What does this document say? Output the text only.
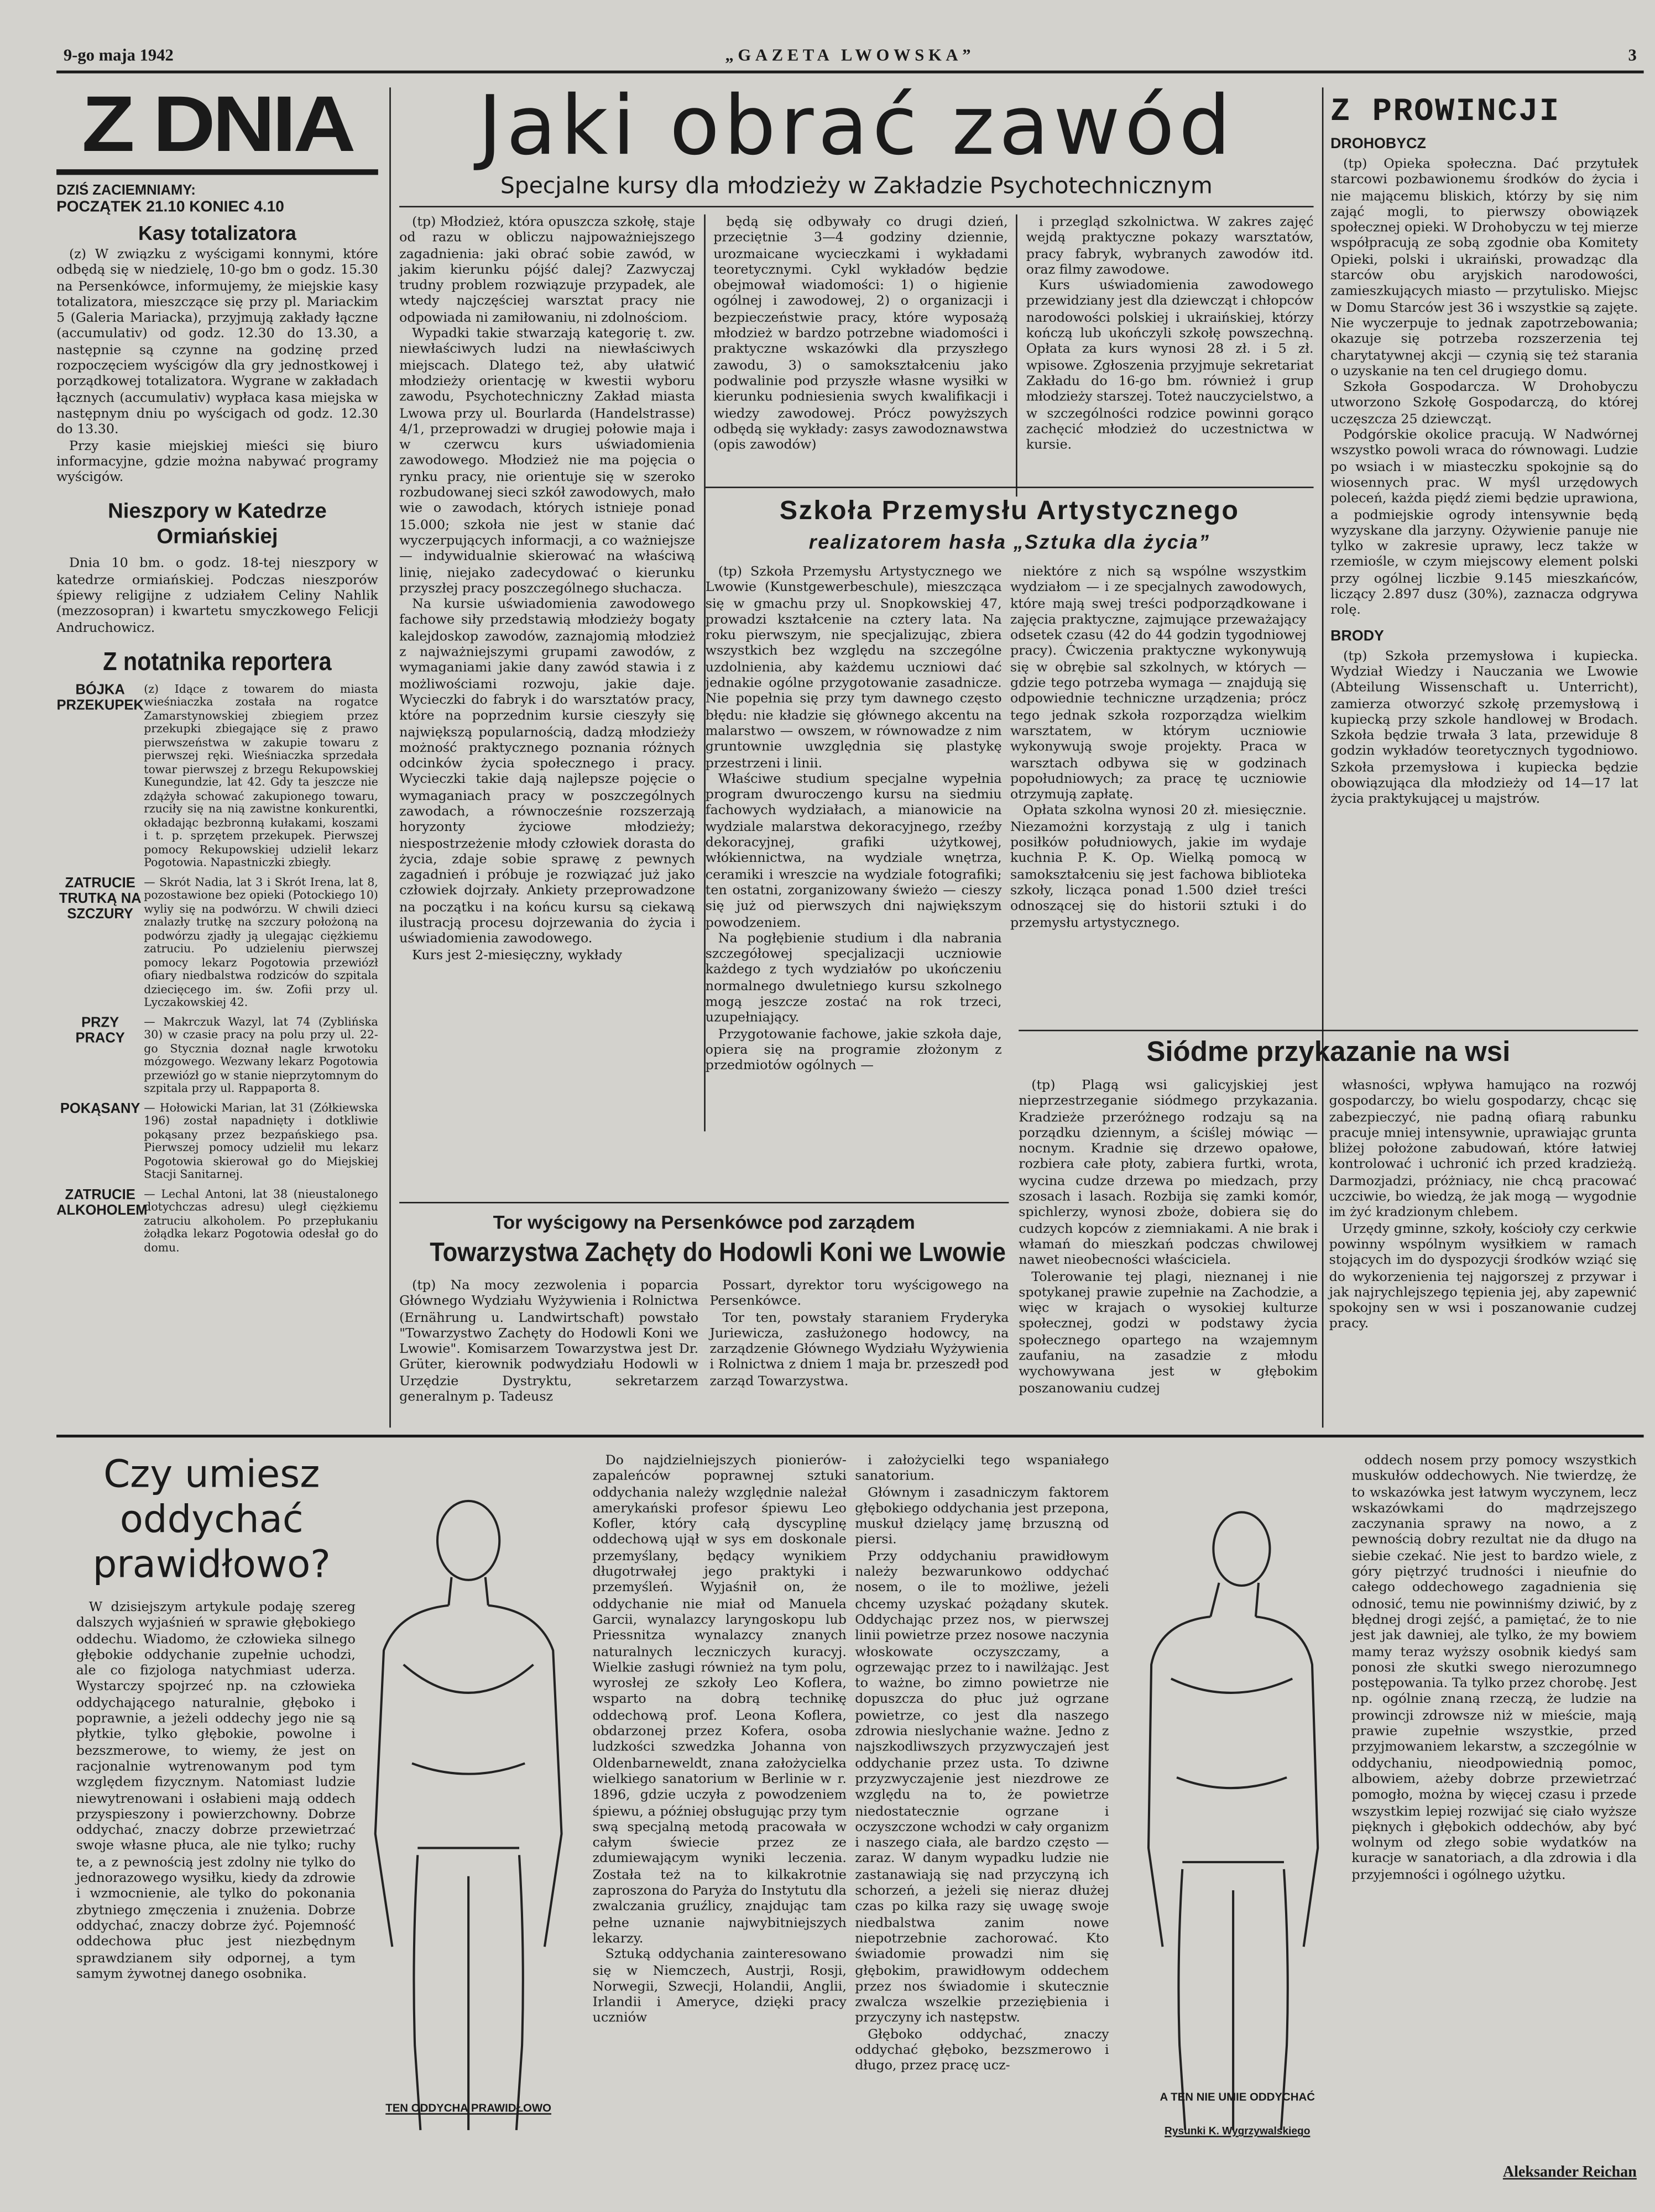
9-go maja 1942	„GAZETA LWOWSKA”	3
Z DNIA
DZIŚ ZACIEMNIAMY:
POCZĄTEK 21.10 KONIEC 4.10
Kasy totalizatora

(z) W związku z wyścigami konnymi, które odbędą się w niedzielę, 10-go bm o godz. 15.30 na Persenkówce, informujemy, że miejskie kasy totalizatora, mieszczące się przy pl. Mariackim 5 (Galeria Mariacka), przyjmują zakłady łączne (accumulativ) od godz. 12.30 do 13.30, a następnie są czynne na godzinę przed rozpoczęciem wyścigów dla gry jednostkowej i porządkowej totalizatora. Wygrane w zakładach łącznych (accumulativ) wypłaca kasa miejska w następnym dniu po wyścigach od godz. 12.30 do 13.30.

Przy kasie miejskiej mieści się biuro informacyjne, gdzie można nabywać programy wyścigów.

Nieszpory w Katedrze Ormiańskiej

Dnia 10 bm. o godz. 18-tej nieszpory w katedrze ormiańskiej. Podczas nieszporów śpiewy religijne z udziałem Celiny Nahlik (mezzosopran) i kwartetu smyczkowego Felicji Andruchowicz.

Z notatnika reportera
BÓJKA PRZEKUPEK
(z) Idące z towarem do miasta wieśniaczka została na rogatce Zamarstynowskiej zbiegiem przez przekupki zbiegające się z prawo pierwszeństwa w zakupie towaru z pierwszej ręki. Wieśniaczka sprzedała towar pierwszej z brzegu Rekupowskiej Kunegundzie, lat 42. Gdy ta jeszcze nie zdążyła schować zakupionego towaru, rzuciły się na nią zawistne konkurentki, okładając bezbronną kułakami, koszami i t. p. sprzętem przekupek. Pierwszej pomocy Rekupowskiej udzielił lekarz Pogotowia. Napastniczki zbiegły.
ZATRUCIE TRUTKĄ NA SZCZURY
— Skrót Nadia, lat 3 i Skrót Irena, lat 8, pozostawione bez opieki (Potockiego 10) wyliy się na podwórzu. W chwili dzieci znalazły trutkę na szczury położoną na podwórzu zjadły ją ulegając ciężkiemu zatruciu. Po udzieleniu pierwszej pomocy lekarz Pogotowia przewiózł ofiary niedbalstwa rodziców do szpitala dziecięcego im. św. Zofii przy ul. Lyczakowskiej 42.
PRZY PRACY
— Makrczuk Wazyl, lat 74 (Zyblińska 30) w czasie pracy na polu przy ul. 22-go Stycznia doznał nagle krwotoku mózgowego. Wezwany lekarz Pogotowia przewiózł go w stanie nieprzytomnym do szpitala przy ul. Rappaporta 8.
POKĄSANY — Hołowicki Marian, lat 31 (Zółkiewska 196) został napadnięty i dotkliwie pokąsany przez bezpańskiego psa. Pierwszej pomocy udzielił mu lekarz Pogotowia skierował go do Miejskiej Stacji Sanitarnej.
ZATRUCIE ALKOHOLEM
— Lechal Antoni, lat 38 (nieustalonego dotychczas adresu) uległ ciężkiemu zatruciu alkoholem. Po przepłukaniu żołądka lekarz Pogotowia odesłał go do domu.
Jaki obrać zawód
Specjalne kursy dla młodzieży w Zakładzie Psychotechnicznym

(tp) Młodzież, która opuszcza szkołę, staje od razu w obliczu najpoważniejszego zagadnienia: jaki obrać sobie zawód, w jakim kierunku pójść dalej? Zazwyczaj trudny problem rozwiązuje przypadek, ale wtedy najczęściej warsztat pracy nie odpowiada ni zamiłowaniu, ni zdolnościom.

Wypadki takie stwarzają kategorię t. zw. niewłaściwych ludzi na niewłaściwych miejscach. Dlatego też, aby ułatwić młodzieży orientację w kwestii wyboru zawodu, Psychotechniczny Zakład miasta Lwowa przy ul. Bourlarda (Handelstrasse) 4/1, przeprowadzi w drugiej połowie maja i w czerwcu kurs uświadomienia zawodowego. Młodzież nie ma pojęcia o rynku pracy, nie orientuje się w szeroko rozbudowanej sieci szkół zawodowych, mało wie o zawodach, których istnieje ponad 15.000; szkoła nie jest w stanie dać wyczerpujących informacji, a co ważniejsze — indywidualnie skierować na właściwą linię, niejako zadecydować o kierunku przyszłej pracy poszczególnego słuchacza.

Na kursie uświadomienia zawodowego fachowe siły przedstawią młodzieży bogaty kalejdoskop zawodów, zaznajomią młodzież z najważniejszymi grupami zawodów, z wymaganiami jakie dany zawód stawia i z możliwościami rozwoju, jakie daje. Wycieczki do fabryk i do warsztatów pracy, które na poprzednim kursie cieszyły się największą popularnością, dadzą młodzieży możność praktycznego poznania różnych odcinków życia społecznego i pracy. Wycieczki takie dają najlepsze pojęcie o wymaganiach pracy w poszczególnych zawodach, a równocześnie rozszerzają horyzonty życiowe młodzieży; niespostrzeżenie młody człowiek dorasta do życia, zdaje sobie sprawę z pewnych zagadnień i próbuje je rozwiązać już jako człowiek dojrzały. Ankiety przeprowadzone na początku i na końcu kursu są ciekawą ilustracją procesu dojrzewania do życia i uświadomienia zawodowego.

Kurs jest 2-miesięczny, wykłady

będą się odbywały co drugi dzień, przeciętnie 3—4 godziny dziennie, urozmaicane wycieczkami i wykładami teoretycznymi. Cykl wykładów będzie obejmował wiadomości: 1) o higienie ogólnej i zawodowej, 2) o organizacji i bezpieczeństwie pracy, które wyposażą młodzież w bardzo potrzebne wiadomości i praktyczne wskazówki dla przyszłego zawodu, 3) o samokształceniu jako podwalinie pod przyszłe własne wysiłki w kierunku podniesienia swych kwalifikacji i wiedzy zawodowej. Prócz powyższych odbędą się wykłady: zasys zawodoznawstwa (opis zawodów)

i przegląd szkolnictwa. W zakres zajęć wejdą praktyczne pokazy warsztatów, pracy fabryk, wybranych zawodów itd. oraz filmy zawodowe.

Kurs uświadomienia zawodowego przewidziany jest dla dziewcząt i chłopców narodowości polskiej i ukraińskiej, którzy kończą lub ukończyli szkołę powszechną. Opłata za kurs wynosi 28 zł. i 5 zł. wpisowe. Zgłoszenia przyjmuje sekretariat Zakładu do 16-go bm. również i grup młodzieży starszej. Toteż nauczycielstwo, a w szczególności rodzice powinni gorąco zachęcić młodzież do uczestnictwa w kursie.

Szkoła Przemysłu Artystycznego
realizatorem hasła „Sztuka dla życia”

(tp) Szkoła Przemysłu Artystycznego we Lwowie (Kunstgewerbeschule), mieszcząca się w gmachu przy ul. Snopkowskiej 47, prowadzi kształcenie na cztery lata. Na roku pierwszym, nie specjalizując, zbiera wszystkich bez względu na szczególne uzdolnienia, aby każdemu uczniowi dać jednakie ogólne przygotowanie zasadnicze. Nie popełnia się przy tym dawnego często błędu: nie kładzie się głównego akcentu na malarstwo — owszem, w równowadze z nim gruntownie uwzględnia się plastykę przestrzeni i linii.

Właściwe studium specjalne wypełnia program dwuroczengo kursu na siedmiu fachowych wydziałach, a mianowicie na wydziale malarstwa dekoracyjnego, rzeźby dekoracyjnej, grafiki użytkowej, włókiennictwa, na wydziale wnętrza, ceramiki i wreszcie na wydziale fotografiki; ten ostatni, zorganizowany świeżo — cieszy się już od pierwszych dni największym powodzeniem.

Na pogłębienie studium i dla nabrania szczegółowej specjalizacji uczniowie każdego z tych wydziałów po ukończeniu normalnego dwuletniego kursu szkolnego mogą jeszcze zostać na rok trzeci, uzupełniający.

Przygotowanie fachowe, jakie szkoła daje, opiera się na programie złożonym z przedmiotów ogólnych —

niektóre z nich są wspólne wszystkim wydziałom — i ze specjalnych zawodowych, które mają swej treści podporządkowane i zajęcia praktyczne, zajmujące przeważający odsetek czasu (42 do 44 godzin tygodniowej pracy). Ćwiczenia praktyczne wykonywują się w obrębie sal szkolnych, w których — gdzie tego potrzeba wymaga — znajdują się odpowiednie techniczne urządzenia; prócz tego jednak szkoła rozporządza wielkim warsztatem, w którym uczniowie wykonywują swoje projekty. Praca w warsztach odbywa się w godzinach popołudniowych; za pracę tę uczniowie otrzymują zapłatę.

Opłata szkolna wynosi 20 zł. miesięcznie. Niezamożni korzystają z ulg i tanich posiłków południowych, jakie im wydaje kuchnia P. K. Op. Wielką pomocą w samokształceniu się jest fachowa biblioteka szkoły, licząca ponad 1.500 dzieł treści odnoszącej się do historii sztuki i do przemysłu artystycznego.

Tor wyścigowy na Persenkówce pod zarządem
Towarzystwa Zachęty do Hodowli Koni we Lwowie

(tp) Na mocy zezwolenia i poparcia Głównego Wydziału Wyżywienia i Rolnictwa (Ernährung u. Landwirtschaft) powstało "Towarzystwo Zachęty do Hodowli Koni we Lwowie". Komisarzem Towarzystwa jest Dr. Grüter, kierownik podwydziału Hodowli w Urzędzie Dystryktu, sekretarzem generalnym p. Tadeusz

Possart, dyrektor toru wyścigowego na Persenkówce.

Tor ten, powstały staraniem Fryderyka Juriewicza, zasłużonego hodowcy, na zarządzenie Głównego Wydziału Wyżywienia i Rolnictwa z dniem 1 maja br. przeszedł pod zarząd Towarzystwa.

Siódme przykazanie na wsi

(tp) Plagą wsi galicyjskiej jest nieprzestrzeganie siódmego przykazania. Kradzieże przeróżnego rodzaju są na porządku dziennym, a ściślej mówiąc — nocnym. Kradnie się drzewo opałowe, rozbiera całe płoty, zabiera furtki, wrota, wycina cudze drzewa po miedzach, przy szosach i lasach. Rozbija się zamki komór, spichlerzy, wynosi zboże, dobiera się do cudzych kopców z ziemniakami. A nie brak i włamań do mieszkań podczas chwilowej nawet nieobecności właściciela.

Tolerowanie tej plagi, nieznanej i nie spotykanej prawie zupełnie na Zachodzie, a więc w krajach o wysokiej kulturze społecznej, godzi w podstawy życia społecznego opartego na wzajemnym zaufaniu, na zasadzie z młodu wychowywana jest w głębokim poszanowaniu cudzej

własności, wpływa hamująco na rozwój gospodarczy, bo wielu gospodarzy, chcąc się zabezpieczyć, nie padną ofiarą rabunku pracuje mniej intensywnie, uprawiając grunta bliżej położone zabudowań, które łatwiej kontrolować i uchronić ich przed kradzieżą. Darmozjadzi, próżniacy, nie chcą pracować uczciwie, bo wiedzą, że jak mogą — wygodnie im żyć kradzionym chlebem.

Urzędy gminne, szkoły, kościoły czy cerkwie powinny wspólnym wysiłkiem w ramach stojących im do dyspozycji środków wziąć się do wykorzenienia tej najgorszej z przywar i jak najrychlejszego tępienia jej, aby zapewnić spokojny sen w wsi i poszanowanie cudzej pracy.

Z PROWINCJI
DROHOBYCZ

(tp) Opieka społeczna. Dać przytułek starcowi pozbawionemu środków do życia i nie mającemu bliskich, którzy by się nim zająć mogli, to pierwszy obowiązek społecznej opieki. W Drohobyczu w tej mierze współpracują ze sobą zgodnie oba Komitety Opieki, polski i ukraiński, prowadząc dla starców obu aryjskich narodowości, zamieszkujących miasto — przytulisko. Miejsc w Domu Starców jest 36 i wszystkie są zajęte. Nie wyczerpuje to jednak zapotrzebowania; okazuje się potrzeba rozszerzenia tej charytatywnej akcji — czynią się też starania o uzyskanie na ten cel drugiego domu.

Szkoła Gospodarcza. W Drohobyczu utworzono Szkołę Gospodarczą, do której uczęszcza 25 dziewcząt.

Podgórskie okolice pracują. W Nadwórnej wszystko powoli wraca do równowagi. Ludzie po wsiach i w miasteczku spokojnie są do wiosennych prac. W myśl urzędowych poleceń, każda piędź ziemi będzie uprawiona, a podmiejskie ogrody intensywnie będą wyzyskane dla jarzyny. Ożywienie panuje nie tylko w zakresie uprawy, lecz także w rzemiośle, w czym miejscowy element polski przy ogólnej liczbie 9.145 mieszkańców, liczący 2.897 dusz (30%), zaznacza odgrywa rolę.

BRODY

(tp) Szkoła przemysłowa i kupiecka. Wydział Wiedzy i Nauczania we Lwowie (Abteilung Wissenschaft u. Unterricht), zamierza otworzyć szkołę przemysłową i kupiecką przy szkole handlowej w Brodach. Szkoła będzie trwała 3 lata, przewiduje 8 godzin wykładów teoretycznych tygodniowo. Szkoła przemysłowa i kupiecka będzie obowiązująca dla młodzieży od 14—17 lat życia praktykującej u majstrów.

Czy umiesz
oddychać
prawidłowo?

W dzisiejszym artykule podaję szereg dalszych wyjaśnień w sprawie głębokiego oddechu. Wiadomo, że człowieka silnego głębokie oddychanie zupełnie uchodzi, ale co fizjologa natychmiast uderza. Wystarczy spojrzeć np. na człowieka oddychającego naturalnie, głęboko i poprawnie, a jeżeli oddechy jego nie są płytkie, tylko głębokie, powolne i bezszmerowe, to wiemy, że jest on racjonalnie wytrenowanym pod tym względem fizycznym. Natomiast ludzie niewytrenowani i osłabieni mają oddech przyspieszony i powierzchowny. Dobrze oddychać, znaczy dobrze przewietrzać swoje własne płuca, ale nie tylko; ruchy te, a z pewnością jest zdolny nie tylko do jednorazowego wysiłku, kiedy da zdrowie i wzmocnienie, ale tylko do pokonania zbytniego zmęczenia i znużenia. Dobrze oddychać, znaczy dobrze żyć. Pojemność oddechowa płuc jest niezbędnym sprawdzianem siły odpornej, a tym samym żywotnej danego osobnika.

TEN ODDYCHA PRAWIDŁOWO

Do najdzielniejszych pionierów-zapaleńców poprawnej sztuki oddychania należy względnie należał amerykański profesor śpiewu Leo Kofler, który całą dyscyplinę oddechową ujął w sys em doskonale przemyślany, będący wynikiem długotrwałej jego praktyki i przemyśleń. Wyjaśnił on, że oddychanie nie miał od Manuela Garcii, wynalazcy laryngoskopu lub Priessnitza wynalazcy znanych naturalnych leczniczych kuracyj. Wielkie zasługi również na tym polu, wyrosłej ze szkoły Leo Koflera, wsparto na dobrą technikę oddechową prof. Leona Koflera, obdarzonej przez Kofera, osoba ludzkości szwedzka Johanna von Oldenbarneweldt, znana założycielka wielkiego sanatorium w Berlinie w r. 1896, gdzie uczyła z powodzeniem śpiewu, a później obsługując przy tym swą specjalną metodą pracowała w całym świecie przez ze zdumiewającym wyniki leczenia. Została też na to kilkakrotnie zaproszona do Paryża do Instytutu dla zwalczania gruźlicy, znajdując tam pełne uznanie najwybitniejszych lekarzy.

Sztuką oddychania zainteresowano się w Niemczech, Austrji, Rosji, Norwegii, Szwecji, Holandii, Anglii, Irlandii i Ameryce, dzięki pracy uczniów

i założycielki tego wspaniałego sanatorium.

Głównym i zasadniczym faktorem głębokiego oddychania jest przepona, muskuł dzielący jamę brzuszną od piersi.

Przy oddychaniu prawidłowym należy bezwarunkowo oddychać nosem, o ile to możliwe, jeżeli chcemy uzyskać pożądany skutek. Oddychając przez nos, w pierwszej linii powietrze przez nosowe naczynia włoskowate oczyszczamy, a ogrzewając przez to i nawilżając. Jest to ważne, bo zimno powietrze nie dopuszcza do płuc już ogrzane powietrze, co jest dla naszego zdrowia nieslychanie ważne. Jedno z najszkodliwszych przyzwyczajeń jest oddychanie przez usta. To dziwne przyzwyczajenie jest niezdrowe ze względu na to, że powietrze niedostatecznie ogrzane i oczyszczone wchodzi w cały organizm i naszego ciała, ale bardzo często — zaraz. W danym wypadku ludzie nie zastanawiają się nad przyczyną ich schorzeń, a jeżeli się nieraz dłużej czas po kilka razy się uwagę swoje niedbalstwa zanim nowe niepotrzebnie zachorować. Kto świadomie prowadzi nim się głębokim, prawidłowym oddechem przez nos świadomie i skutecznie zwalcza wszelkie przeziębienia i przyczyny ich następstw.

Głęboko oddychać, znaczy oddychać głęboko, bezszmerowo i długo, przez pracę ucz-

A TEN NIE UMIE ODDYCHAĆ
Rysunki K. Wygrzywalskiego

oddech nosem przy pomocy wszystkich muskułów oddechowych. Nie twierdzę, że to wskazówka jest łatwym wyczynem, lecz wskazówkami do mądrzejszego zaczynania sprawy na nowo, a z pewnością dobry rezultat nie da długo na siebie czekać. Nie jest to bardzo wiele, z góry piętrzyć trudności i nieufnie do całego oddechowego zagadnienia się odnosić, temu nie powinniśmy dziwić, by z błędnej drogi zejść, a pamiętać, że to nie jest jak dawniej, ale tylko, że my bowiem mamy teraz wyższy osobnik kiedyś sam ponosi złe skutki swego nierozumnego postępowania. Ta tylko przez chorobę. Jest np. ogólnie znaną rzeczą, że ludzie na prowincji zdrowsze niż w mieście, mają prawie zupełnie wszystkie, przed przyjmowaniem lekarstw, a szczególnie w oddychaniu, nieodpowiednią pomoc, albowiem, ażeby dobrze przewietrzać pomogło, można by więcej czasu i przede wszystkim lepiej rozwijać się ciało wyższe pięknych i głębokich oddechów, aby być wolnym od złego sobie wydatków na kuracje w sanatoriach, a dla zdrowia i dla przyjemności i ogólnego użytku.

Aleksander Reichan
